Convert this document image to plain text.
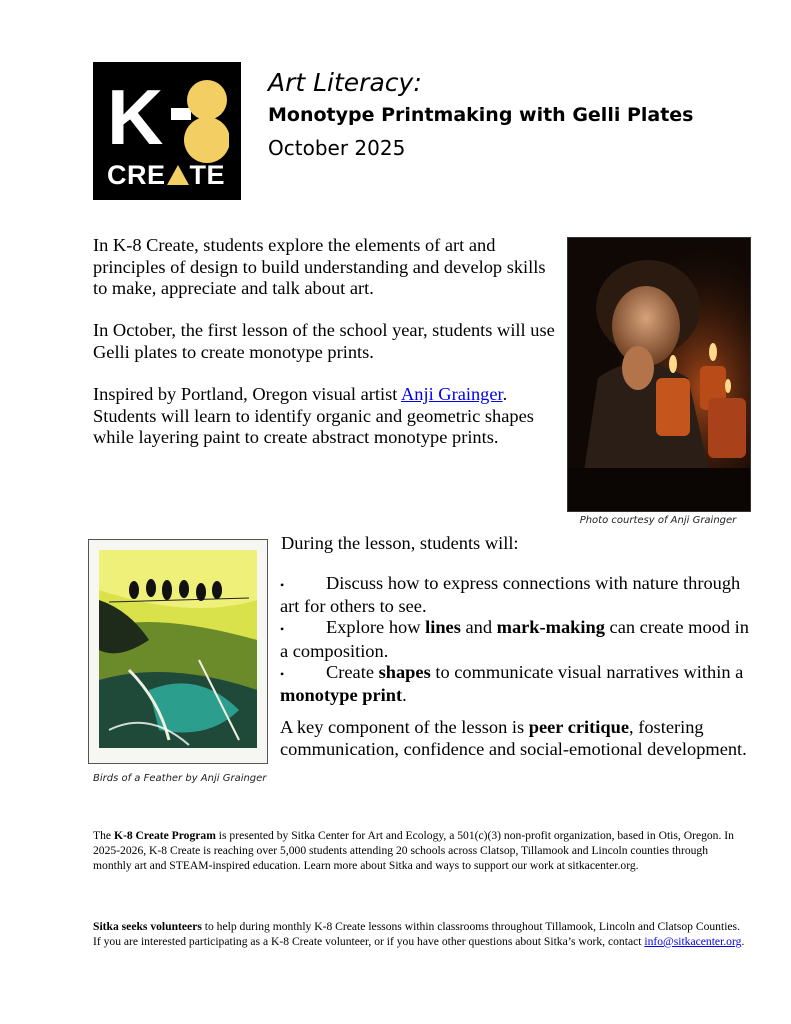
K
CRE TE
Art Literacy:
Monotype Printmaking with Gelli Plates
October 2025

In K-8 Create, students explore the elements of art and principles of design to build understanding and develop skills to make, appreciate and talk about art.

In October, the first lesson of the school year, students will use Gelli plates to create monotype prints.

Inspired by Portland, Oregon visual artist Anji Grainger. Students will learn to identify organic and geometric shapes while layering paint to create abstract monotype prints.

Photo courtesy of Anji Grainger
Birds of a Feather by Anji Grainger
During the lesson, students will:
• Discuss how to express connections with nature through art for others to see.
• Explore how lines and mark-making can create mood in a composition.
• Create shapes to communicate visual narratives within a monotype print.

A key component of the lesson is peer critique, fostering communication, confidence and social-emotional development.

The K-8 Create Program is presented by Sitka Center for Art and Ecology, a 501(c)(3) non-profit organization, based in Otis, Oregon. In 2025-2026, K-8 Create is reaching over 5,000 students attending 20 schools across Clatsop, Tillamook and Lincoln counties through monthly art and STEAM-inspired education. Learn more about Sitka and ways to support our work at sitkacenter.org.

Sitka seeks volunteers to help during monthly K-8 Create lessons within classrooms throughout Tillamook, Lincoln and Clatsop Counties. If you are interested participating as a K-8 Create volunteer, or if you have other questions about Sitka’s work, contact info@sitkacenter.org.
